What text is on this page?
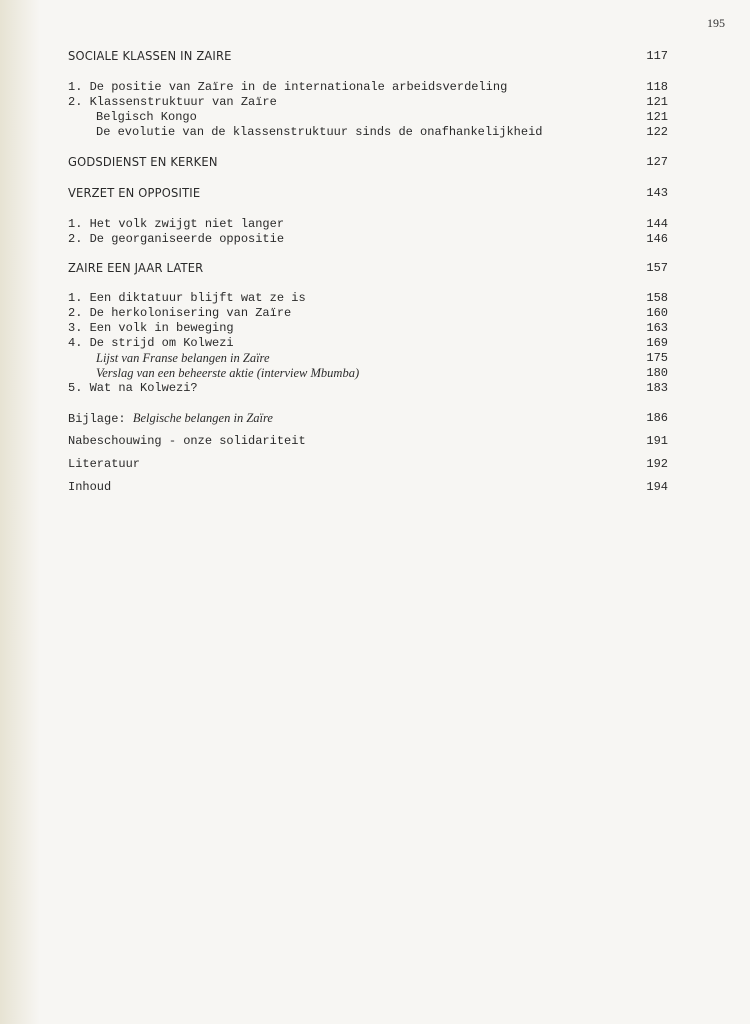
195
SOCIALE KLASSEN IN ZAIRE	117
1. De positie van Zaïre in de internationale arbeidsverdeling	118
2. Klassenstruktuur van Zaïre	121
Belgisch Kongo	121
De evolutie van de klassenstruktuur sinds de onafhankelijkheid	122
GODSDIENST EN KERKEN	127
VERZET EN OPPOSITIE	143
1. Het volk zwijgt niet langer	144
2. De georganiseerde oppositie	146
ZAIRE EEN JAAR LATER	157
1. Een diktatuur blijft wat ze is	158
2. De herkolonisering van Zaïre	160
3. Een volk in beweging	163
4. De strijd om Kolwezi	169
Lijst van Franse belangen in Zaïre	175
Verslag van een beheerste aktie (interview Mbumba)	180
5. Wat na Kolwezi?	183
Bijlage: Belgische belangen in Zaïre	186
Nabeschouwing - onze solidariteit	191
Literatuur	192
Inhoud	194
